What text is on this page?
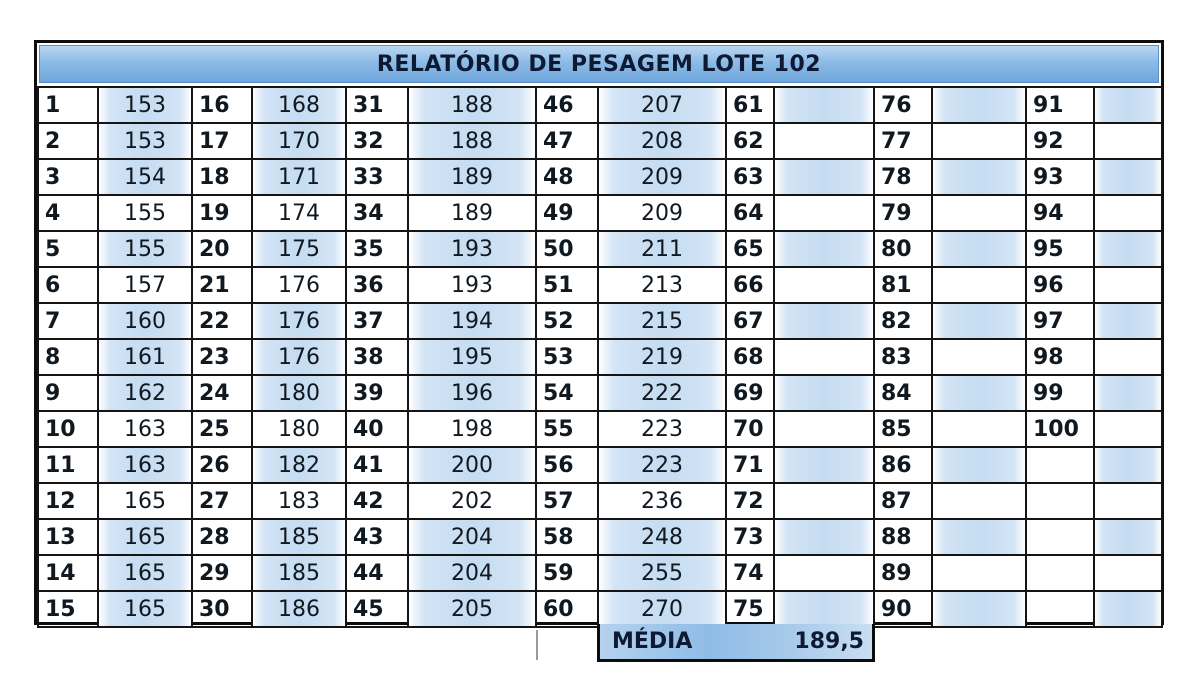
RELATÓRIO DE PESAGEM LOTE 102
1	153	16	168	31	188	46	207	61		76		91	
2	153	17	170	32	188	47	208	62		77		92	
3	154	18	171	33	189	48	209	63		78		93	
4	155	19	174	34	189	49	209	64		79		94	
5	155	20	175	35	193	50	211	65		80		95	
6	157	21	176	36	193	51	213	66		81		96	
7	160	22	176	37	194	52	215	67		82		97	
8	161	23	176	38	195	53	219	68		83		98	
9	162	24	180	39	196	54	222	69		84		99	
10	163	25	180	40	198	55	223	70		85		100	
11	163	26	182	41	200	56	223	71		86			
12	165	27	183	42	202	57	236	72		87			
13	165	28	185	43	204	58	248	73		88			
14	165	29	185	44	204	59	255	74		89			
15	165	30	186	45	205	60	270	75		90			
MÉDIA	189,5
